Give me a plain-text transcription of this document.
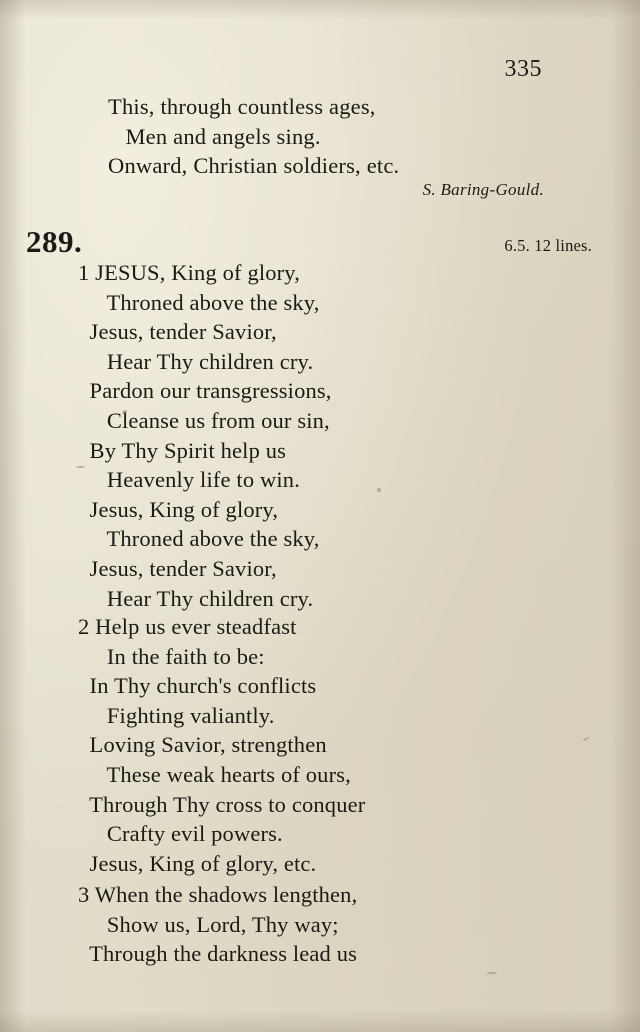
335
This, through countless ages,
Men and angels sing.
Onward, Christian soldiers, etc.
S. Baring-Gould.
289.	6.5. 12 lines.
1 JESUS, King of glory,
Throned above the sky,
Jesus, tender Savior,
Hear Thy children cry.
Pardon our transgressions,
Cleanse us from our sin,
By Thy Spirit help us
Heavenly life to win.
Jesus, King of glory,
Throned above the sky,
Jesus, tender Savior,
Hear Thy children cry.
2 Help us ever steadfast
In the faith to be:
In Thy church's conflicts
Fighting valiantly.
Loving Savior, strengthen
These weak hearts of ours,
Through Thy cross to conquer
Crafty evil powers.
Jesus, King of glory, etc.
3 When the shadows lengthen,
Show us, Lord, Thy way;
Through the darkness lead us
